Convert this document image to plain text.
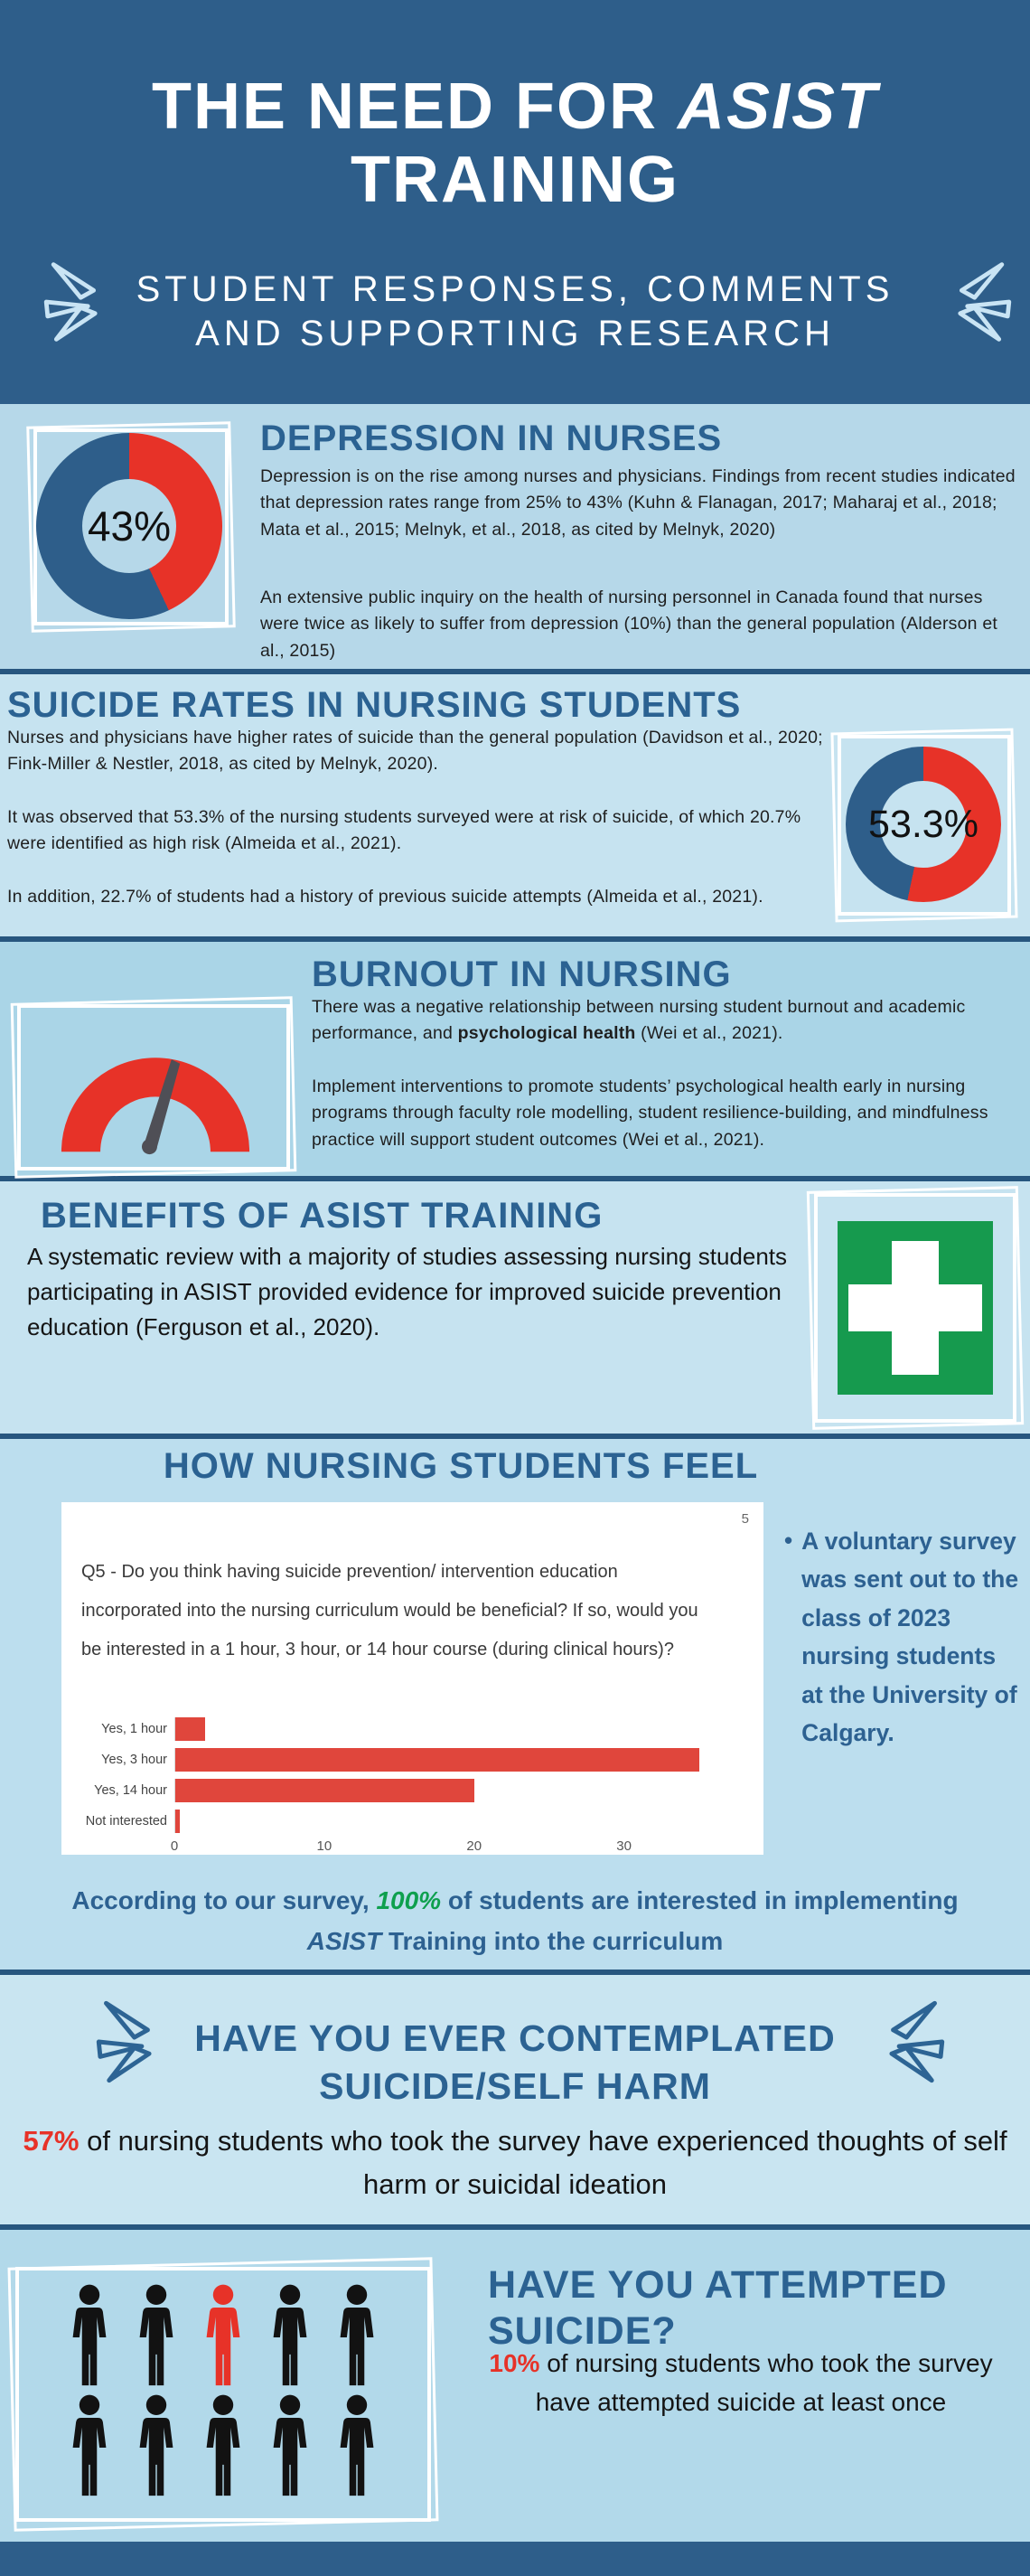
THE NEED FOR ASIST
TRAINING
STUDENT RESPONSES, COMMENTS
AND SUPPORTING RESEARCH
43%
DEPRESSION IN NURSES
Depression is on the rise among nurses and physicians. Findings from recent studies indicated that depression rates range from 25% to 43% (Kuhn & Flanagan, 2017; Maharaj et al., 2018; Mata et al., 2015; Melnyk, et al., 2018, as cited by Melnyk, 2020)
An extensive public inquiry on the health of nursing personnel in Canada found that nurses were twice as likely to suffer from depression (10%) than the general population (Alderson et al., 2015)
SUICIDE RATES IN NURSING STUDENTS
Nurses and physicians have higher rates of suicide than the general population (Davidson et al., 2020; Fink-Miller & Nestler, 2018, as cited by Melnyk, 2020).
It was observed that 53.3% of the nursing students surveyed were at risk of suicide, of which 20.7% were identified as high risk (Almeida et al., 2021).
In addition, 22.7% of students had a history of previous suicide attempts (Almeida et al., 2021).
53.3%
BURNOUT IN NURSING
There was a negative relationship between nursing student burnout and academic performance, and psychological health (Wei et al., 2021).
Implement interventions to promote students’ psychological health early in nursing programs through faculty role modelling, student resilience-building, and mindfulness practice will support student outcomes (Wei et al., 2021).
BENEFITS OF ASIST TRAINING
A systematic review with a majority of studies assessing nursing students participating in ASIST provided evidence for improved suicide prevention education (Ferguson et al., 2020).
HOW NURSING STUDENTS FEEL
5
Q5 - Do you think having suicide prevention/ intervention education incorporated into the nursing curriculum would be beneficial? If so, would you be interested in a 1 hour, 3 hour, or 14 hour course (during clinical hours)?
Yes, 1 hour
Yes, 3 hour
Yes, 14 hour
Not interested
0	10	20	30
• A voluntary survey was sent out to the class of 2023 nursing students at the University of Calgary.
According to our survey, 100% of students are interested in implementing ASIST Training into the curriculum
HAVE YOU EVER CONTEMPLATED
SUICIDE/SELF HARM
57% of nursing students who took the survey have experienced thoughts of self harm or suicidal ideation
HAVE YOU ATTEMPTED
SUICIDE?
10% of nursing students who took the survey have attempted suicide at least once
